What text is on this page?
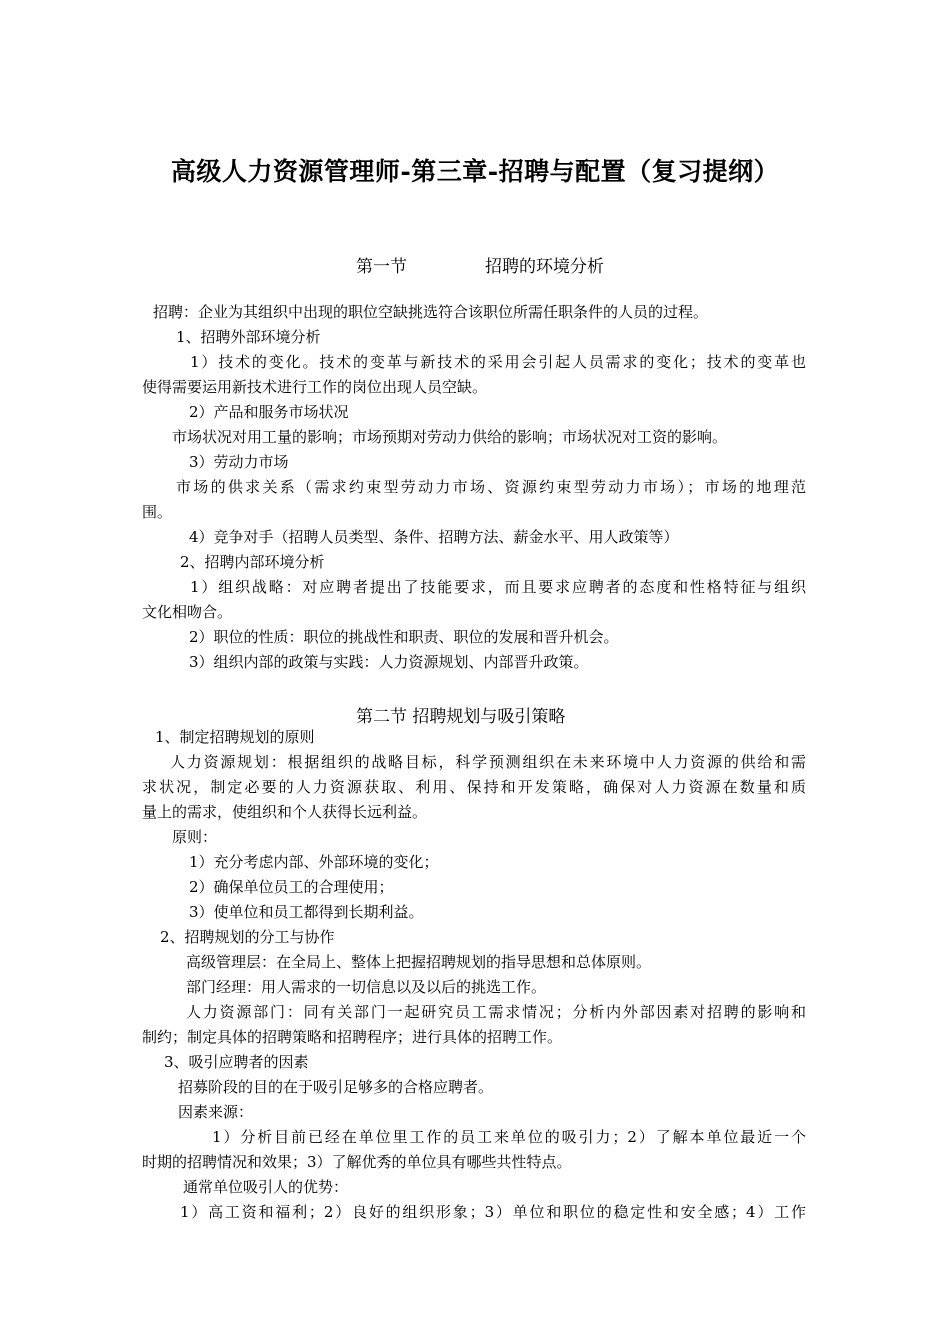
高级人力资源管理师-第三章-招聘与配置（复习提纲）
第一节	招聘的环境分析
招聘：企业为其组织中出现的职位空缺挑选符合该职位所需任职条件的人员的过程。
1、招聘外部环境分析
1）技术的变化。技术的变革与新技术的采用会引起人员需求的变化；技术的变革也
使得需要运用新技术进行工作的岗位出现人员空缺。
2）产品和服务市场状况
市场状况对用工量的影响；市场预期对劳动力供给的影响；市场状况对工资的影响。
3）劳动力市场
市场的供求关系（需求约束型劳动力市场、资源约束型劳动力市场）；市场的地理范
围。
4）竞争对手（招聘人员类型、条件、招聘方法、薪金水平、用人政策等）
2、招聘内部环境分析
1）组织战略：对应聘者提出了技能要求，而且要求应聘者的态度和性格特征与组织
文化相吻合。
2）职位的性质：职位的挑战性和职责、职位的发展和晋升机会。
3）组织内部的政策与实践：人力资源规划、内部晋升政策。
第二节 招聘规划与吸引策略
1、制定招聘规划的原则
人力资源规划：根据组织的战略目标，科学预测组织在未来环境中人力资源的供给和需
求状况，制定必要的人力资源获取、利用、保持和开发策略，确保对人力资源在数量和质
量上的需求，使组织和个人获得长远利益。
原则：
1）充分考虑内部、外部环境的变化；
2）确保单位员工的合理使用；
3）使单位和员工都得到长期利益。
2、招聘规划的分工与协作
高级管理层：在全局上、整体上把握招聘规划的指导思想和总体原则。
部门经理：用人需求的一切信息以及以后的挑选工作。
人力资源部门：同有关部门一起研究员工需求情况；分析内外部因素对招聘的影响和
制约；制定具体的招聘策略和招聘程序；进行具体的招聘工作。
3、吸引应聘者的因素
招募阶段的目的在于吸引足够多的合格应聘者。
因素来源：
1）分析目前已经在单位里工作的员工来单位的吸引力；2）了解本单位最近一个
时期的招聘情况和效果；3）了解优秀的单位具有哪些共性特点。
通常单位吸引人的优势：
1）高工资和福利；2）良好的组织形象；3）单位和职位的稳定性和安全感；4）工作
